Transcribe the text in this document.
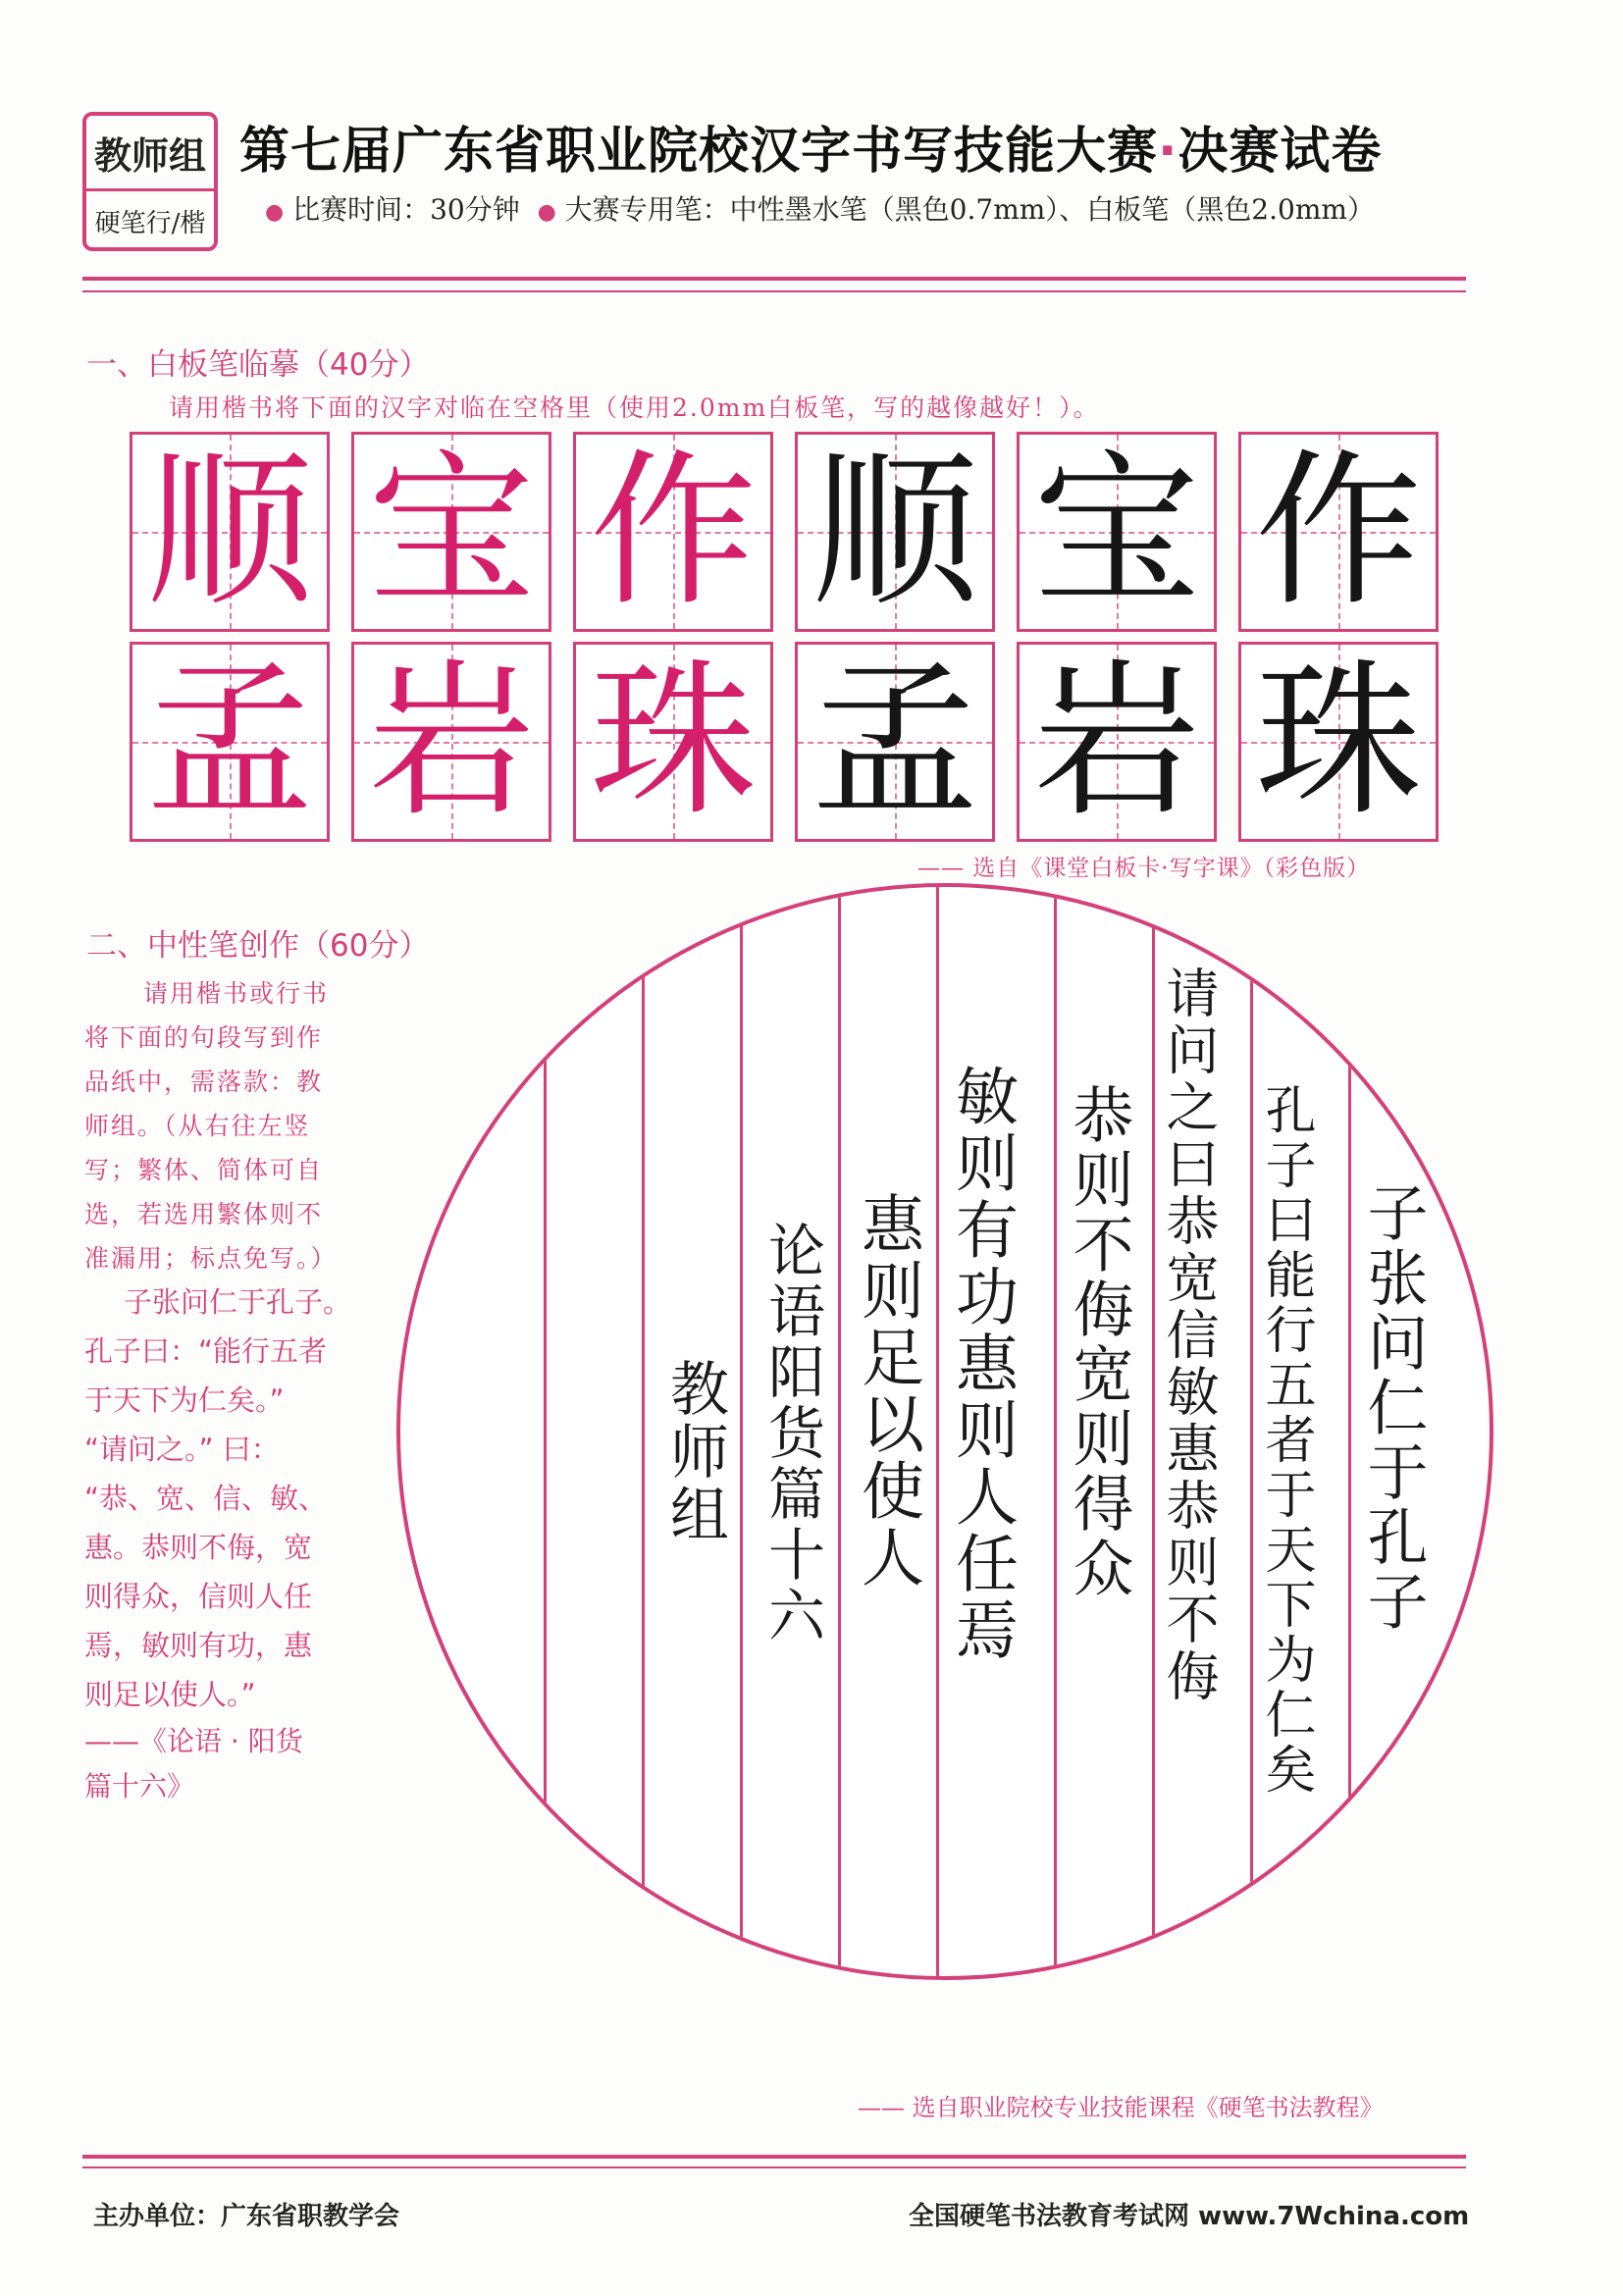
教师组
硬笔行/楷
第七届广东省职业院校汉字书写技能大赛·决赛试卷
● 比赛时间：30分钟 ● 大赛专用笔：中性墨水笔（黑色0.7mm）、白板笔（黑色2.0mm）
一、白板笔临摹（40分）
请用楷书将下面的汉字对临在空格里（使用2.0mm白板笔，写的越像越好！）。
顺 宝 作 顺 宝 作
孟 岩 珠 孟 岩 珠
—— 选自《课堂白板卡·写字课》（彩色版）
二、中性笔创作（60分）
请用楷书或行书
将下面的句段写到作
品纸中，需落款：教
师组。（从右往左竖
写；繁体、简体可自
选，若选用繁体则不
准漏用；标点免写。）
子张问仁于孔子。
孔子曰：“能行五者
于天下为仁矣。”
“请问之。” 曰：
“恭、宽、信、敏、
惠。恭则不侮，宽
则得众，信则人任
焉，敏则有功，惠
则足以使人。”
——《论语 · 阳货
篇十六》
子张问仁于孔子
孔子曰能行五者于天下为仁矣
请问之曰恭宽信敏惠恭则不侮
恭则不侮宽则得众
敏则有功惠则人任焉
惠则足以使人
论语阳货篇十六
教师组
—— 选自职业院校专业技能课程《硬笔书法教程》
主办单位：广东省职教学会	全国硬笔书法教育考试网 www.7Wchina.com
